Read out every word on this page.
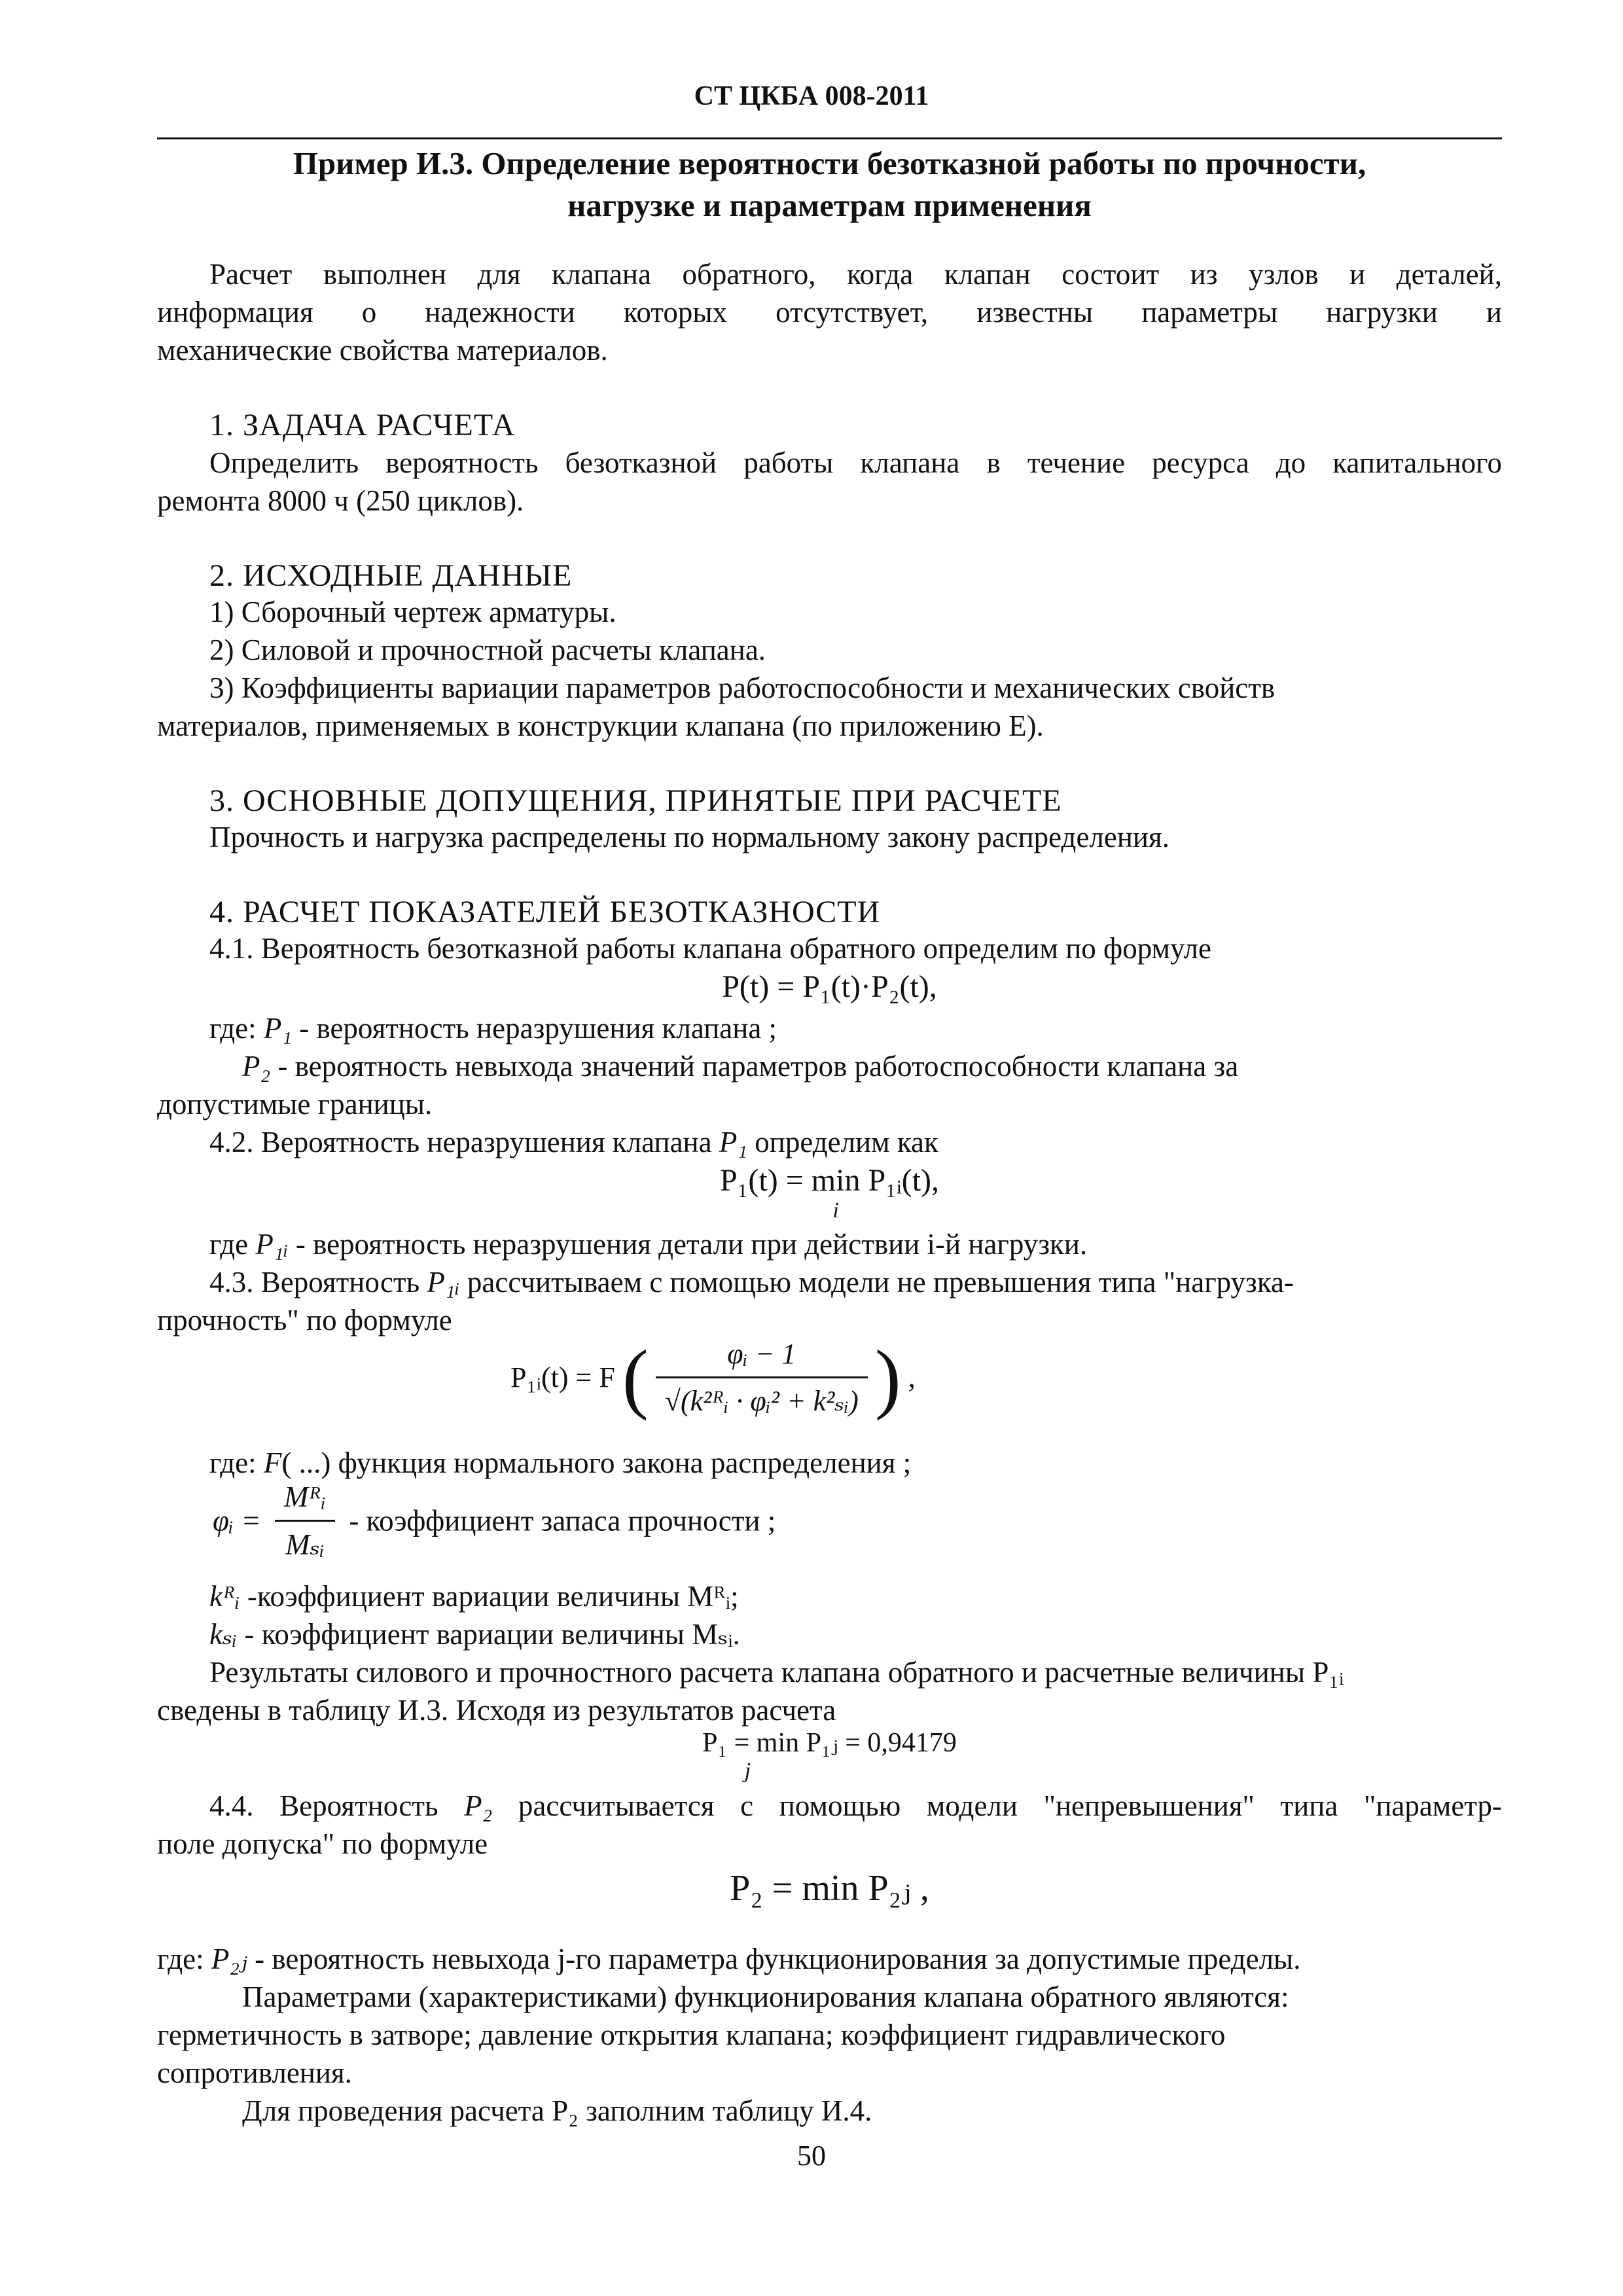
СТ ЦКБА 008-2011
Пример И.3. Определение вероятности безотказной работы по прочности,
нагрузке и параметрам применения
Расчет выполнен для клапана обратного, когда клапан состоит из узлов и деталей,
информация о надежности которых отсутствует, известны параметры нагрузки и
механические свойства материалов.
1. ЗАДАЧА РАСЧЕТА
Определить вероятность безотказной работы клапана в течение ресурса до капитального
ремонта 8000 ч (250 циклов).
2. ИСХОДНЫЕ ДАННЫЕ
1) Сборочный чертеж арматуры.
2) Силовой и прочностной расчеты клапана.
3) Коэффициенты вариации параметров работоспособности и механических свойств
материалов, применяемых в конструкции клапана (по приложению Е).
3. ОСНОВНЫЕ ДОПУЩЕНИЯ, ПРИНЯТЫЕ ПРИ РАСЧЕТЕ
Прочность и нагрузка распределены по нормальному закону распределения.
4. РАСЧЕТ ПОКАЗАТЕЛЕЙ БЕЗОТКАЗНОСТИ
4.1. Вероятность безотказной работы клапана обратного определим по формуле
P(t) = P₁(t)·P₂(t),
где: P₁ - вероятность неразрушения клапана ;
P₂ - вероятность невыхода значений параметров работоспособности клапана за
допустимые границы.
4.2. Вероятность неразрушения клапана P₁ определим как
P₁(t) = min
i
P₁ᵢ(t),
где P₁ᵢ - вероятность неразрушения детали при действии i-й нагрузки.
4.3. Вероятность P₁ᵢ рассчитываем с помощью модели не превышения типа "нагрузка-
прочность" по формуле
P₁ᵢ(t) = F ( $\frac{\text{φᵢ − 1}}{\text{√(k²ᴿᵢ · φᵢ² + k²ₛᵢ)}}$ ) ,
где: F( ...) функция нормального закона распределения ;
φᵢ = $\frac{\text{Mᴿᵢ}}{\text{Mₛᵢ}}$ - коэффициент запаса прочности ;
kᴿᵢ -коэффициент вариации величины Mᴿᵢ;
kₛᵢ - коэффициент вариации величины Mₛᵢ.
Результаты силового и прочностного расчета клапана обратного и расчетные величины P₁ᵢ
сведены в таблицу И.3. Исходя из результатов расчета
P₁ = min P₁ⱼ = 0,94179
j
4.4. Вероятность P₂ рассчитывается с помощью модели "непревышения" типа "параметр-
поле допуска" по формуле
P₂ = min P₂ⱼ ,
где: P₂ⱼ - вероятность невыхода j-го параметра функционирования за допустимые пределы.
Параметрами (характеристиками) функционирования клапана обратного являются:
герметичность в затворе; давление открытия клапана; коэффициент гидравлического
сопротивления.
Для проведения расчета P₂ заполним таблицу И.4.
50
